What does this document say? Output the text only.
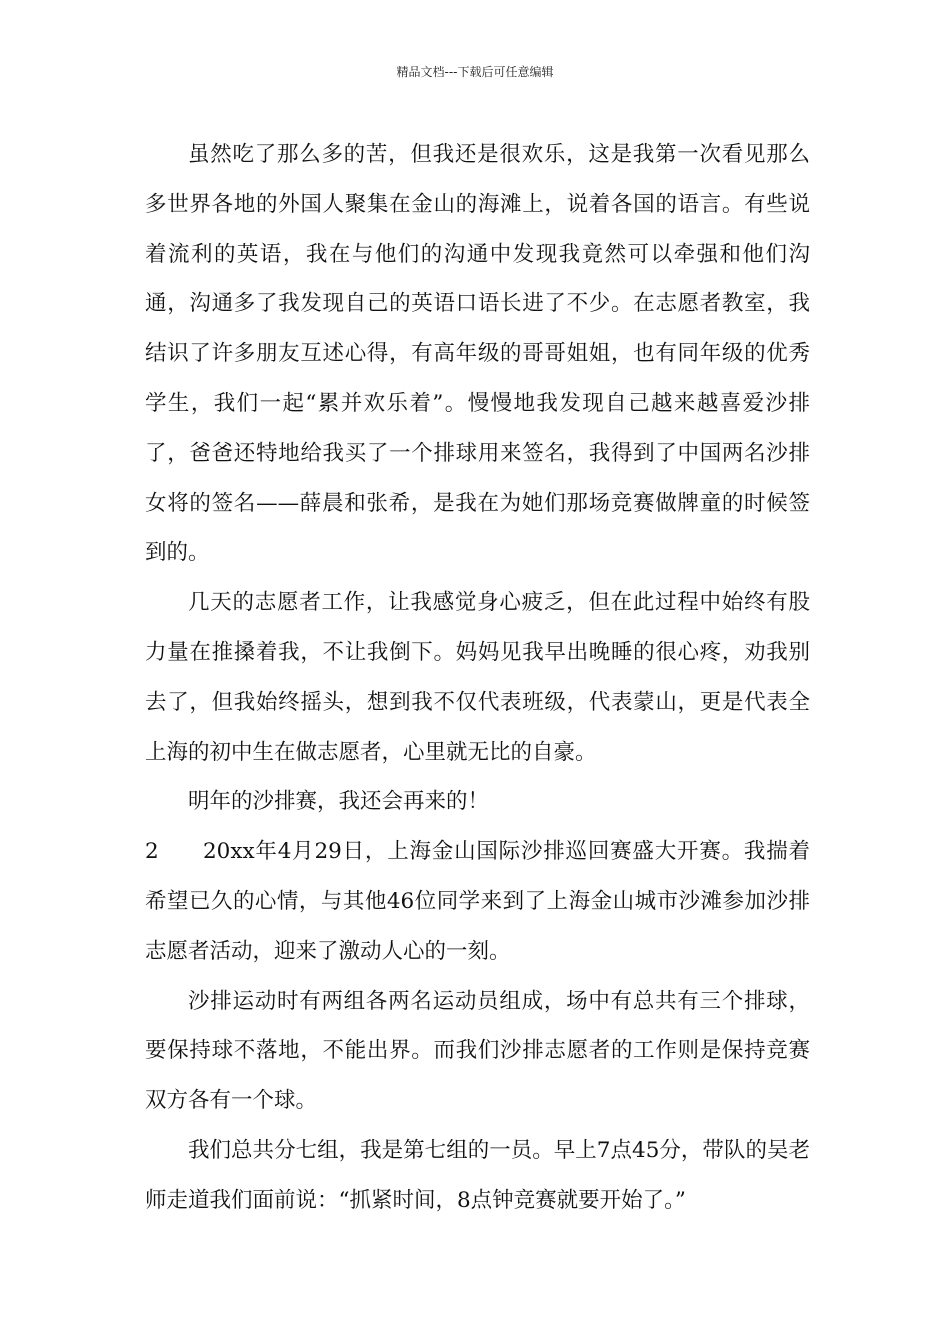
精品文档---下载后可任意编辑

虽然吃了那么多的苦，但我还是很欢乐，这是我第一次看见那么多世界各地的外国人聚集在金山的海滩上，说着各国的语言。有些说着流利的英语，我在与他们的沟通中发现我竟然可以牵强和他们沟通，沟通多了我发现自己的英语口语长进了不少。在志愿者教室，我结识了许多朋友互述心得，有高年级的哥哥姐姐，也有同年级的优秀学生，我们一起“累并欢乐着”。慢慢地我发现自己越来越喜爱沙排了，爸爸还特地给我买了一个排球用来签名，我得到了中国两名沙排女将的签名——薛晨和张希，是我在为她们那场竞赛做牌童的时候签到的。

几天的志愿者工作，让我感觉身心疲乏，但在此过程中始终有股力量在推搡着我，不让我倒下。妈妈见我早出晚睡的很心疼，劝我别去了，但我始终摇头，想到我不仅代表班级，代表蒙山，更是代表全上海的初中生在做志愿者，心里就无比的自豪。

明年的沙排赛，我还会再来的！

2 20xx年4月29日，上海金山国际沙排巡回赛盛大开赛。我揣着希望已久的心情，与其他46位同学来到了上海金山城市沙滩参加沙排志愿者活动，迎来了激动人心的一刻。

沙排运动时有两组各两名运动员组成，场中有总共有三个排球，要保持球不落地，不能出界。而我们沙排志愿者的工作则是保持竞赛双方各有一个球。

我们总共分七组，我是第七组的一员。早上7点45分，带队的吴老师走道我们面前说：“抓紧时间，8点钟竞赛就要开始了。”
